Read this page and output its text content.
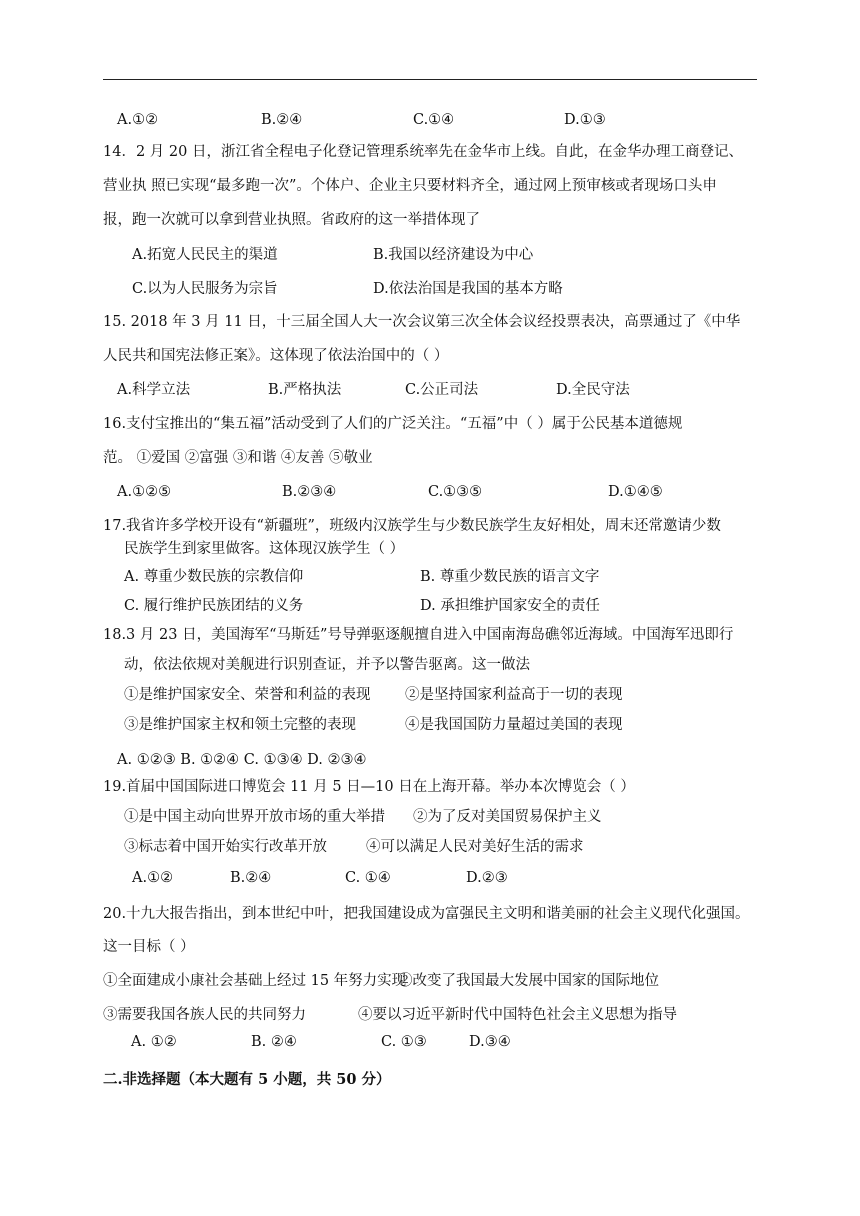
A.①②	B.②④	C.①④	D.①③
14．2 月 20 日，浙江省全程电子化登记管理系统率先在金华市上线。自此，在金华办理工商登记、
营业执 照已实现“最多跑一次”。个体户、企业主只要材料齐全，通过网上预审核或者现场口头申
报，跑一次就可以拿到营业执照。省政府的这一举措体现了
A.拓宽人民民主的渠道	B.我国以经济建设为中心
C.以为人民服务为宗旨	D.依法治国是我国的基本方略
15. 2018 年 3 月 11 日，十三届全国人大一次会议第三次全体会议经投票表决，高票通过了《中华
人民共和国宪法修正案》。这体现了依法治国中的（ ）
A.科学立法	B.严格执法	C.公正司法	D.全民守法
16.支付宝推出的“集五福”活动受到了人们的广泛关注。“五福”中（ ）属于公民基本道德规
范。 ①爱国 ②富强 ③和谐 ④友善 ⑤敬业
A.①②⑤	B.②③④	C.①③⑤	D.①④⑤
17.我省许多学校开设有“新疆班”，班级内汉族学生与少数民族学生友好相处，周末还常邀请少数
民族学生到家里做客。这体现汉族学生（ ）
A. 尊重少数民族的宗教信仰	B. 尊重少数民族的语言文字
C. 履行维护民族团结的义务	D. 承担维护国家安全的责任
18.3 月 23 日，美国海军“马斯廷”号导弹驱逐舰擅自进入中国南海岛礁邻近海域。中国海军迅即行
动，依法依规对美舰进行识别查证，并予以警告驱离。这一做法
①是维护国家安全、荣誉和利益的表现 ②是坚持国家利益高于一切的表现
③是维护国家主权和领土完整的表现	④是我国国防力量超过美国的表现
A. ①②③ B. ①②④ C. ①③④ D. ②③④
19.首届中国国际进口博览会 11 月 5 日—10 日在上海开幕。举办本次博览会（ ）
①是中国主动向世界开放市场的重大举措 ②为了反对美国贸易保护主义
③标志着中国开始实行改革开放	④可以满足人民对美好生活的需求
A.①②	B.②④	C. ①④	D.②③
20.十九大报告指出，到本世纪中叶，把我国建设成为富强民主文明和谐美丽的社会主义现代化强国。
这一目标（ ）
①全面建成小康社会基础上经过 15 年努力实现
②改变了我国最大发展中国家的国际地位
③需要我国各族人民的共同努力	④要以习近平新时代中国特色社会主义思想为指导
A. ①②	B. ②④	C. ①③	D.③④
二.非选择题（本大题有 5 小题，共 50 分）
